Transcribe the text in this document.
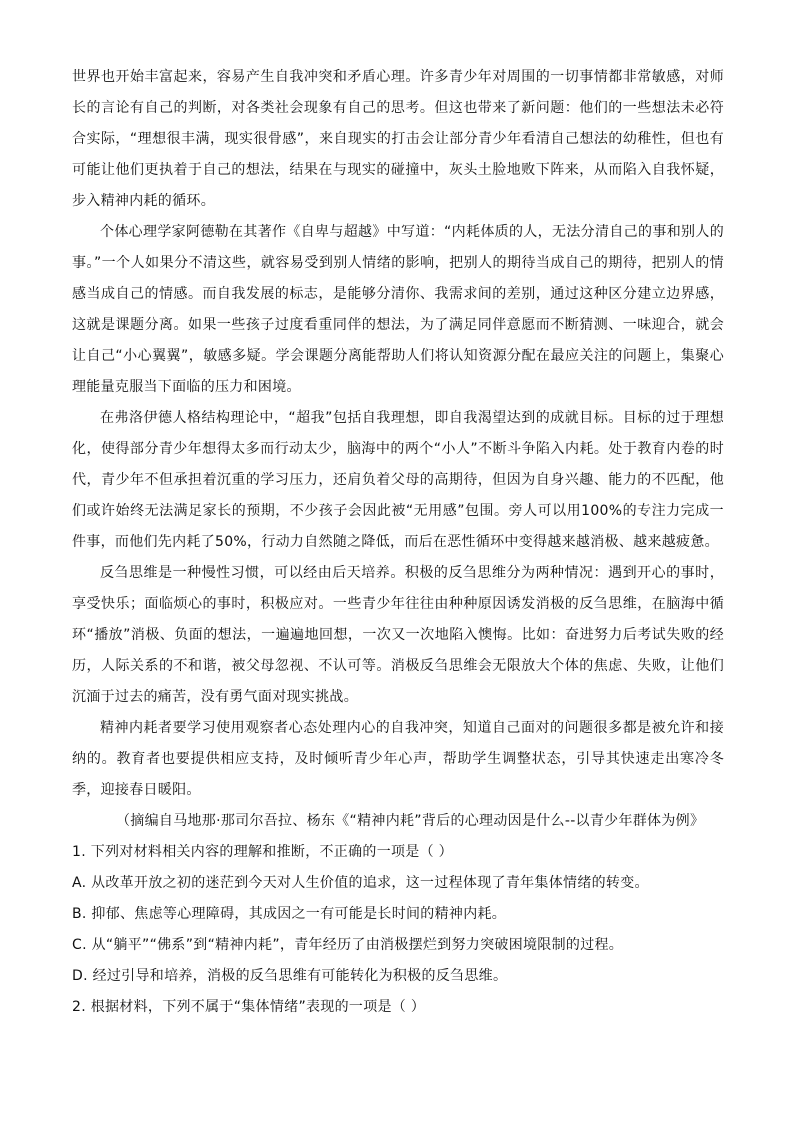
世界也开始丰富起来，容易产生自我冲突和矛盾心理。许多青少年对周围的一切事情都非常敏感，对师长的言论有自己的判断，对各类社会现象有自己的思考。但这也带来了新问题：他们的一些想法未必符合实际，“理想很丰满，现实很骨感”，来自现实的打击会让部分青少年看清自己想法的幼稚性，但也有可能让他们更执着于自己的想法，结果在与现实的碰撞中，灰头土脸地败下阵来，从而陷入自我怀疑，步入精神内耗的循环。

个体心理学家阿德勒在其著作《自卑与超越》中写道：“内耗体质的人，无法分清自己的事和别人的事。”一个人如果分不清这些，就容易受到别人情绪的影响，把别人的期待当成自己的期待，把别人的情感当成自己的情感。而自我发展的标志，是能够分清你、我需求间的差别，通过这种区分建立边界感，这就是课题分离。如果一些孩子过度看重同伴的想法，为了满足同伴意愿而不断猜测、一味迎合，就会让自己“小心翼翼”，敏感多疑。学会课题分离能帮助人们将认知资源分配在最应关注的问题上，集聚心理能量克服当下面临的压力和困境。

在弗洛伊德人格结构理论中，“超我”包括自我理想，即自我渴望达到的成就目标。目标的过于理想化，使得部分青少年想得太多而行动太少，脑海中的两个“小人”不断斗争陷入内耗。处于教育内卷的时代，青少年不但承担着沉重的学习压力，还肩负着父母的高期待，但因为自身兴趣、能力的不匹配，他们或许始终无法满足家长的预期，不少孩子会因此被“无用感”包围。旁人可以用100%的专注力完成一件事，而他们先内耗了50%，行动力自然随之降低，而后在恶性循环中变得越来越消极、越来越疲惫。

反刍思维是一种慢性习惯，可以经由后天培养。积极的反刍思维分为两种情况：遇到开心的事时，享受快乐；面临烦心的事时，积极应对。一些青少年往往由种种原因诱发消极的反刍思维，在脑海中循环“播放”消极、负面的想法，一遍遍地回想，一次又一次地陷入懊悔。比如：奋进努力后考试失败的经历，人际关系的不和谐，被父母忽视、不认可等。消极反刍思维会无限放大个体的焦虑、失败，让他们沉湎于过去的痛苦，没有勇气面对现实挑战。

精神内耗者要学习使用观察者心态处理内心的自我冲突，知道自己面对的问题很多都是被允许和接纳的。教育者也要提供相应支持，及时倾听青少年心声，帮助学生调整状态，引导其快速走出寒冷冬季，迎接春日暖阳。

（摘编自马地那·那司尔吾拉、杨东《“精神内耗”背后的心理动因是什么--以青少年群体为例》

1. 下列对材料相关内容的理解和推断，不正确的一项是（ ）

A. 从改革开放之初的迷茫到今天对人生价值的追求，这一过程体现了青年集体情绪的转变。

B. 抑郁、焦虑等心理障碍，其成因之一有可能是长时间的精神内耗。

C. 从“躺平”“佛系”到“精神内耗”，青年经历了由消极摆烂到努力突破困境限制的过程。

D. 经过引导和培养，消极的反刍思维有可能转化为积极的反刍思维。

2. 根据材料，下列不属于“集体情绪”表现的一项是（ ）
